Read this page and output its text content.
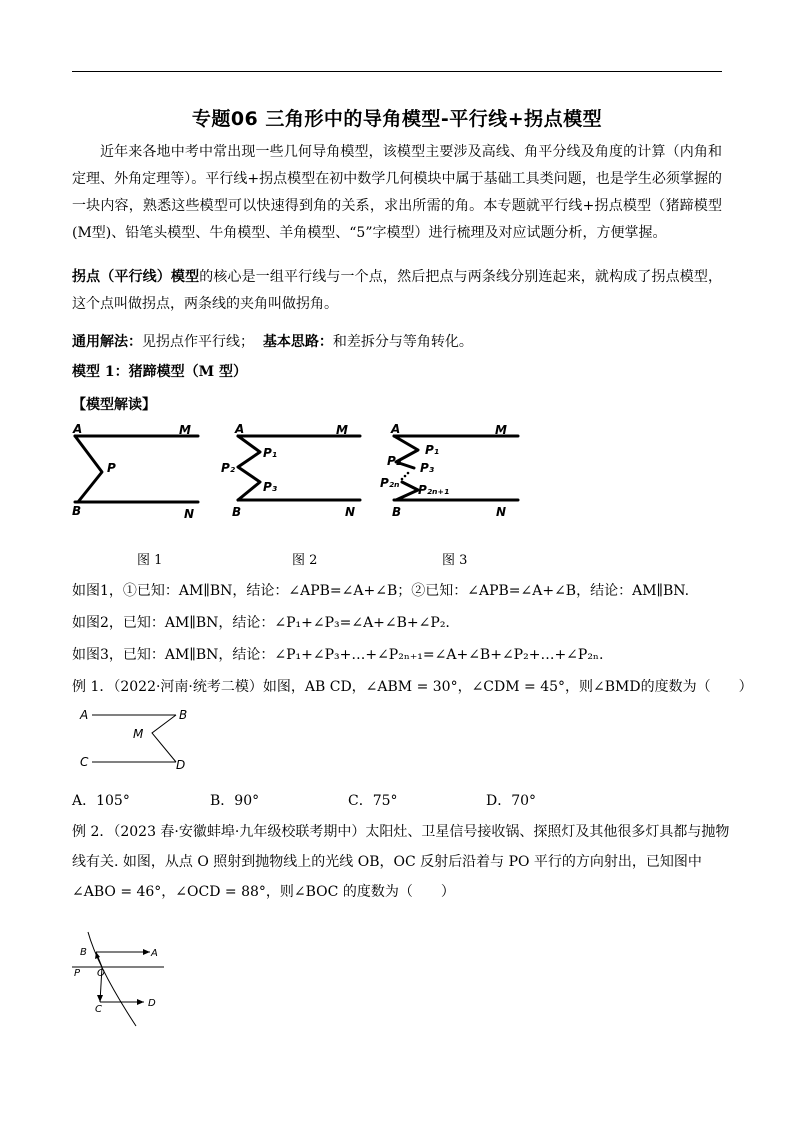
专题06 三角形中的导角模型-平行线+拐点模型
近年来各地中考中常出现一些几何导角模型，该模型主要涉及高线、角平分线及角度的计算（内角和定理、外角定理等）。平行线+拐点模型在初中数学几何模块中属于基础工具类问题，也是学生必须掌握的一块内容，熟悉这些模型可以快速得到角的关系，求出所需的角。本专题就平行线+拐点模型（猪蹄模型(M型)、铅笔头模型、牛角模型、羊角模型、“5”字模型）进行梳理及对应试题分析，方便掌握。
拐点（平行线）模型的核心是一组平行线与一个点，然后把点与两条线分别连起来，就构成了拐点模型，这个点叫做拐点，两条线的夹角叫做拐角。
通用解法：见拐点作平行线； 基本思路：和差拆分与等角转化。
模型 1：猪蹄模型（M 型）
【模型解读】
A	M
P
B	N
A	M
P₁
P₂
P₃
B	N
A	M
P₁
P₂ P₃
P₂ₙ P₂ₙ₊₁
B	N
图 1	图 2	图 3
如图1，①已知：AM∥BN，结论：∠APB=∠A+∠B；②已知：∠APB=∠A+∠B，结论：AM∥BN.
如图2，已知：AM∥BN，结论：∠P₁+∠P₃=∠A+∠B+∠P₂.
如图3，已知：AM∥BN，结论：∠P₁+∠P₃+…+∠P₂ₙ₊₁=∠A+∠B+∠P₂+…+∠P₂ₙ.
例 1．（2022·河南·统考二模）如图，AB CD，∠ABM = 30°，∠CDM = 45°，则∠BMD的度数为（　　）
A	B
M
C	D
A．105°	B．90°	C．75°	D．70°
例 2．（2023 春·安徽蚌埠·九年级校联考期中）太阳灶、卫星信号接收锅、探照灯及其他很多灯具都与抛物
线有关. 如图，从点 O 照射到抛物线上的光线 OB，OC 反射后沿着与 PO 平行的方向射出，已知图中
∠ABO = 46°，∠OCD = 88°，则∠BOC 的度数为（　　）
B	A
P O
C
D
